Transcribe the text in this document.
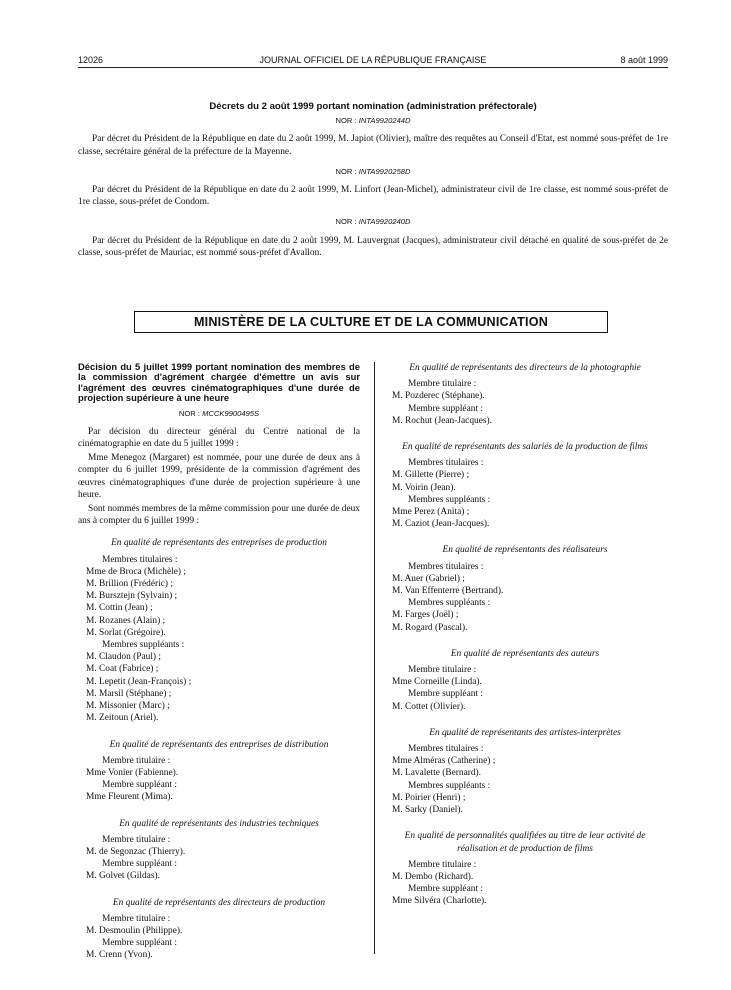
12026	JOURNAL OFFICIEL DE LA RÉPUBLIQUE FRANÇAISE	8 août 1999
Décrets du 2 août 1999 portant nomination (administration préfectorale)
NOR : INTA9920244D
Par décret du Président de la République en date du 2 août 1999, M. Japiot (Olivier), maître des requêtes au Conseil d'Etat, est nommé sous-préfet de 1re classe, secrétaire général de la préfecture de la Mayenne.
NOR : INTA9920258D
Par décret du Président de la République en date du 2 août 1999, M. Linfort (Jean-Michel), administrateur civil de 1re classe, est nommé sous-préfet de 1re classe, sous-préfet de Condom.
NOR : INTA9920240D
Par décret du Président de la République en date du 2 août 1999, M. Lauvergnat (Jacques), administrateur civil détaché en qualité de sous-préfet de 2e classe, sous-préfet de Mauriac, est nommé sous-préfet d'Avallon.
MINISTÈRE DE LA CULTURE ET DE LA COMMUNICATION
Décision du 5 juillet 1999 portant nomination des membres de la commission d'agrément chargée d'émettre un avis sur l'agrément des œuvres cinématographiques d'une durée de projection supérieure à une heure
NOR : MCCK9900495S
Par décision du directeur général du Centre national de la cinématographie en date du 5 juillet 1999 :
Mme Menegoz (Margaret) est nommée, pour une durée de deux ans à compter du 6 juillet 1999, présidente de la commission d'agrément des œuvres cinématographiques d'une durée de projection supérieure à une heure.
Sont nommés membres de la même commission pour une durée de deux ans à compter du 6 juillet 1999 :
En qualité de représentants des entreprises de production
Membres titulaires :
Mme de Broca (Michèle) ;
M. Brillion (Frédéric) ;
M. Bursztejn (Sylvain) ;
M. Cottin (Jean) ;
M. Rozanes (Alain) ;
M. Sorlat (Grégoire).
Membres suppléants :
M. Claudon (Paul) ;
M. Coat (Fabrice) ;
M. Lepetit (Jean-François) ;
M. Marsil (Stéphane) ;
M. Missonier (Marc) ;
M. Zeitoun (Ariel).
En qualité de représentants des entreprises de distribution
Membre titulaire :
Mme Vonier (Fabienne).
Membre suppléant :
Mme Fleurent (Mima).
En qualité de représentants des industries techniques
Membre titulaire :
M. de Segonzac (Thierry).
Membre suppléant :
M. Golvet (Gildas).
En qualité de représentants des directeurs de production
Membre titulaire :
M. Desmoulin (Philippe).
Membre suppléant :
M. Crenn (Yvon).
En qualité de représentants des directeurs de la photographie
Membre titulaire :
M. Pozderec (Stéphane).
Membre suppléant :
M. Rochut (Jean-Jacques).
En qualité de représentants des salariés de la production de films
Membres titulaires :
M. Gillette (Pierre) ;
M. Voirin (Jean).
Membres suppléants :
Mme Perez (Anita) ;
M. Caziot (Jean-Jacques).
En qualité de représentants des réalisateurs
Membres titulaires :
M. Auer (Gabriel) ;
M. Van Effenterre (Bertrand).
Membres suppléants :
M. Farges (Joël) ;
M. Rogard (Pascal).
En qualité de représentants des auteurs
Membre titulaire :
Mme Corneille (Linda).
Membre suppléant :
M. Cottet (Olivier).
En qualité de représentants des artistes-interprètes
Membres titulaires :
Mme Alméras (Catherine) ;
M. Lavalette (Bernard).
Membres suppléants :
M. Poirier (Henri) ;
M. Sarky (Daniel).
En qualité de personnalités qualifiées au titre de leur activité de réalisation et de production de films
Membre titulaire :
M. Dembo (Richard).
Membre suppléant :
Mme Silvéra (Charlotte).
